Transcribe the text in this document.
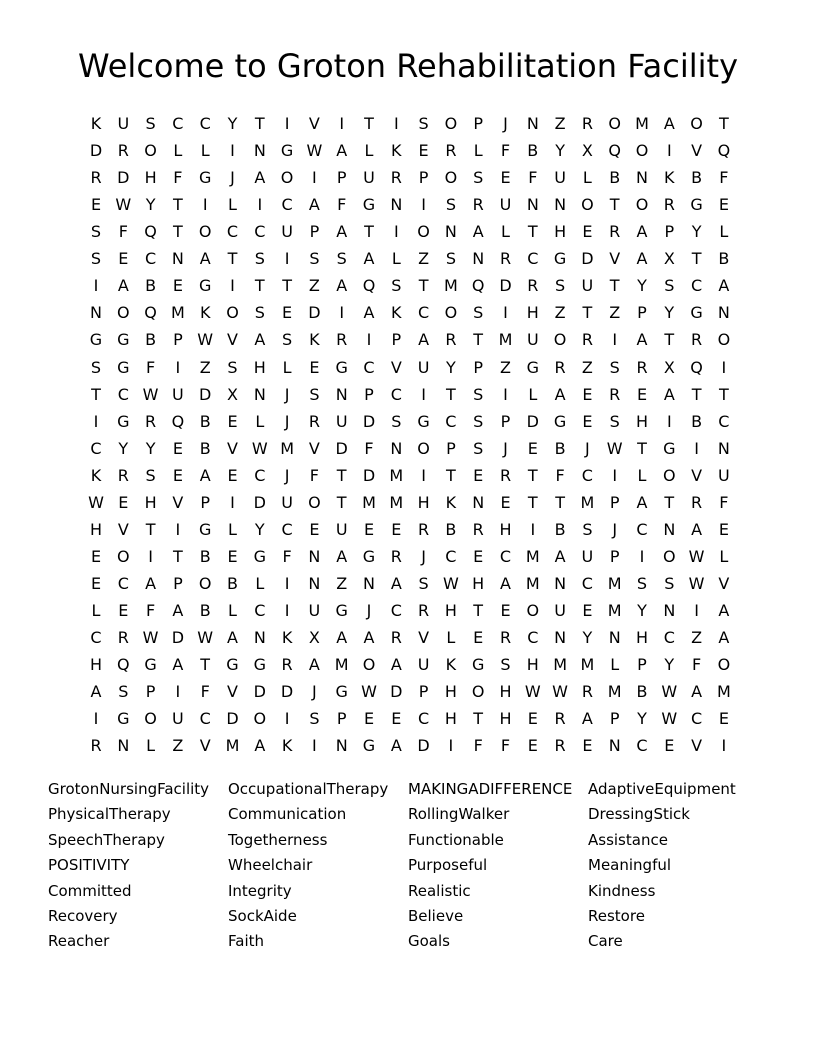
Welcome to Groton Rehabilitation Facility
K	U	S	C	C	Y	T	I	V	I	T	I	S O	P	J	N Z	R O M A O	T
D R O	L	L	I	N G W A	L	K	E	R	L	F	B	Y	X Q O	I	V Q
R D H	F	G	J	A O	I	P	U R	P	O S	E	F	U	L	B N	K	B	F
E W Y	T	I	L	I	C	A	F	G N	I	S	R U N N O	T	O R G	E
S	F	Q	T	O C	C U	P	A	T	I	O N A	L	T	H	E	R	A	P	Y	L
S	E	C N A	T	S	I	S	S	A	L	Z	S	N R	C G D V	A	X	T	B
I	A	B	E	G	I	T	T	Z	A Q S	T M Q D R	S	U	T	Y	S	C	A
N O Q M K O S	E	D	I	A	K	C O S	I	H Z	T	Z	P	Y	G N
G G B	P W V	A	S	K	R	I	P	A	R	T M U O R	I	A	T	R O
S	G	F	I	Z	S	H	L	E	G C	V U	Y	P	Z G R	Z	S	R	X Q	I
T	C W U D X N	J	S	N	P	C	I	T	S	I	L	A	E	R	E	A	T	T
I	G R Q B	E	L	J	R U D	S	G C	S	P	D G	E	S	H	I	B	C
C	Y	Y	E	B	V W M V D	F	N O	P	S	J	E	B	J	W T	G	I	N
K	R	S	E	A	E	C	J	F	T	D M	I	T	E	R	T	F	C	I	L	O V U
W E	H V	P	I	D U O	T M M H	K	N	E	T	T M P	A	T	R	F
H V	T	I	G	L	Y	C	E	U	E	E	R	B	R H	I	B	S	J	C N A	E
E O	I	T	B	E	G	F	N A G R	J	C	E	C M A U	P	I	O W L
E	C	A	P	O B	L	I	N Z N A	S W H A M N C M S	S W V
L	E	F	A	B	L	C	I	U G	J	C	R H	T	E O U	E M Y	N	I	A
C	R W D W A N	K	X	A	A	R	V	L	E	R	C N	Y	N H C	Z	A
H Q G A	T	G G R	A M O A U	K G	S	H M M L	P	Y	F	O
A	S	P	I	F	V D D	J	G W D	P	H O H W W R M B W A M
I	G O U C D O	I	S	P	E	E	C H	T	H	E	R	A	P	Y W C	E
R N	L	Z	V M A	K	I	N G A D	I	F	F	E	R	E	N C	E	V	I
GrotonNursingFacility
PhysicalTherapy
SpeechTherapy
POSITIVITY
Committed
Recovery
Reacher
OccupationalTherapy
Communication
Togetherness
Wheelchair
Integrity
SockAide
Faith
MAKINGADIFFERENCE
RollingWalker
Functionable
Purposeful
Realistic
Believe
Goals
AdaptiveEquipment
DressingStick
Assistance
Meaningful
Kindness
Restore
Care
